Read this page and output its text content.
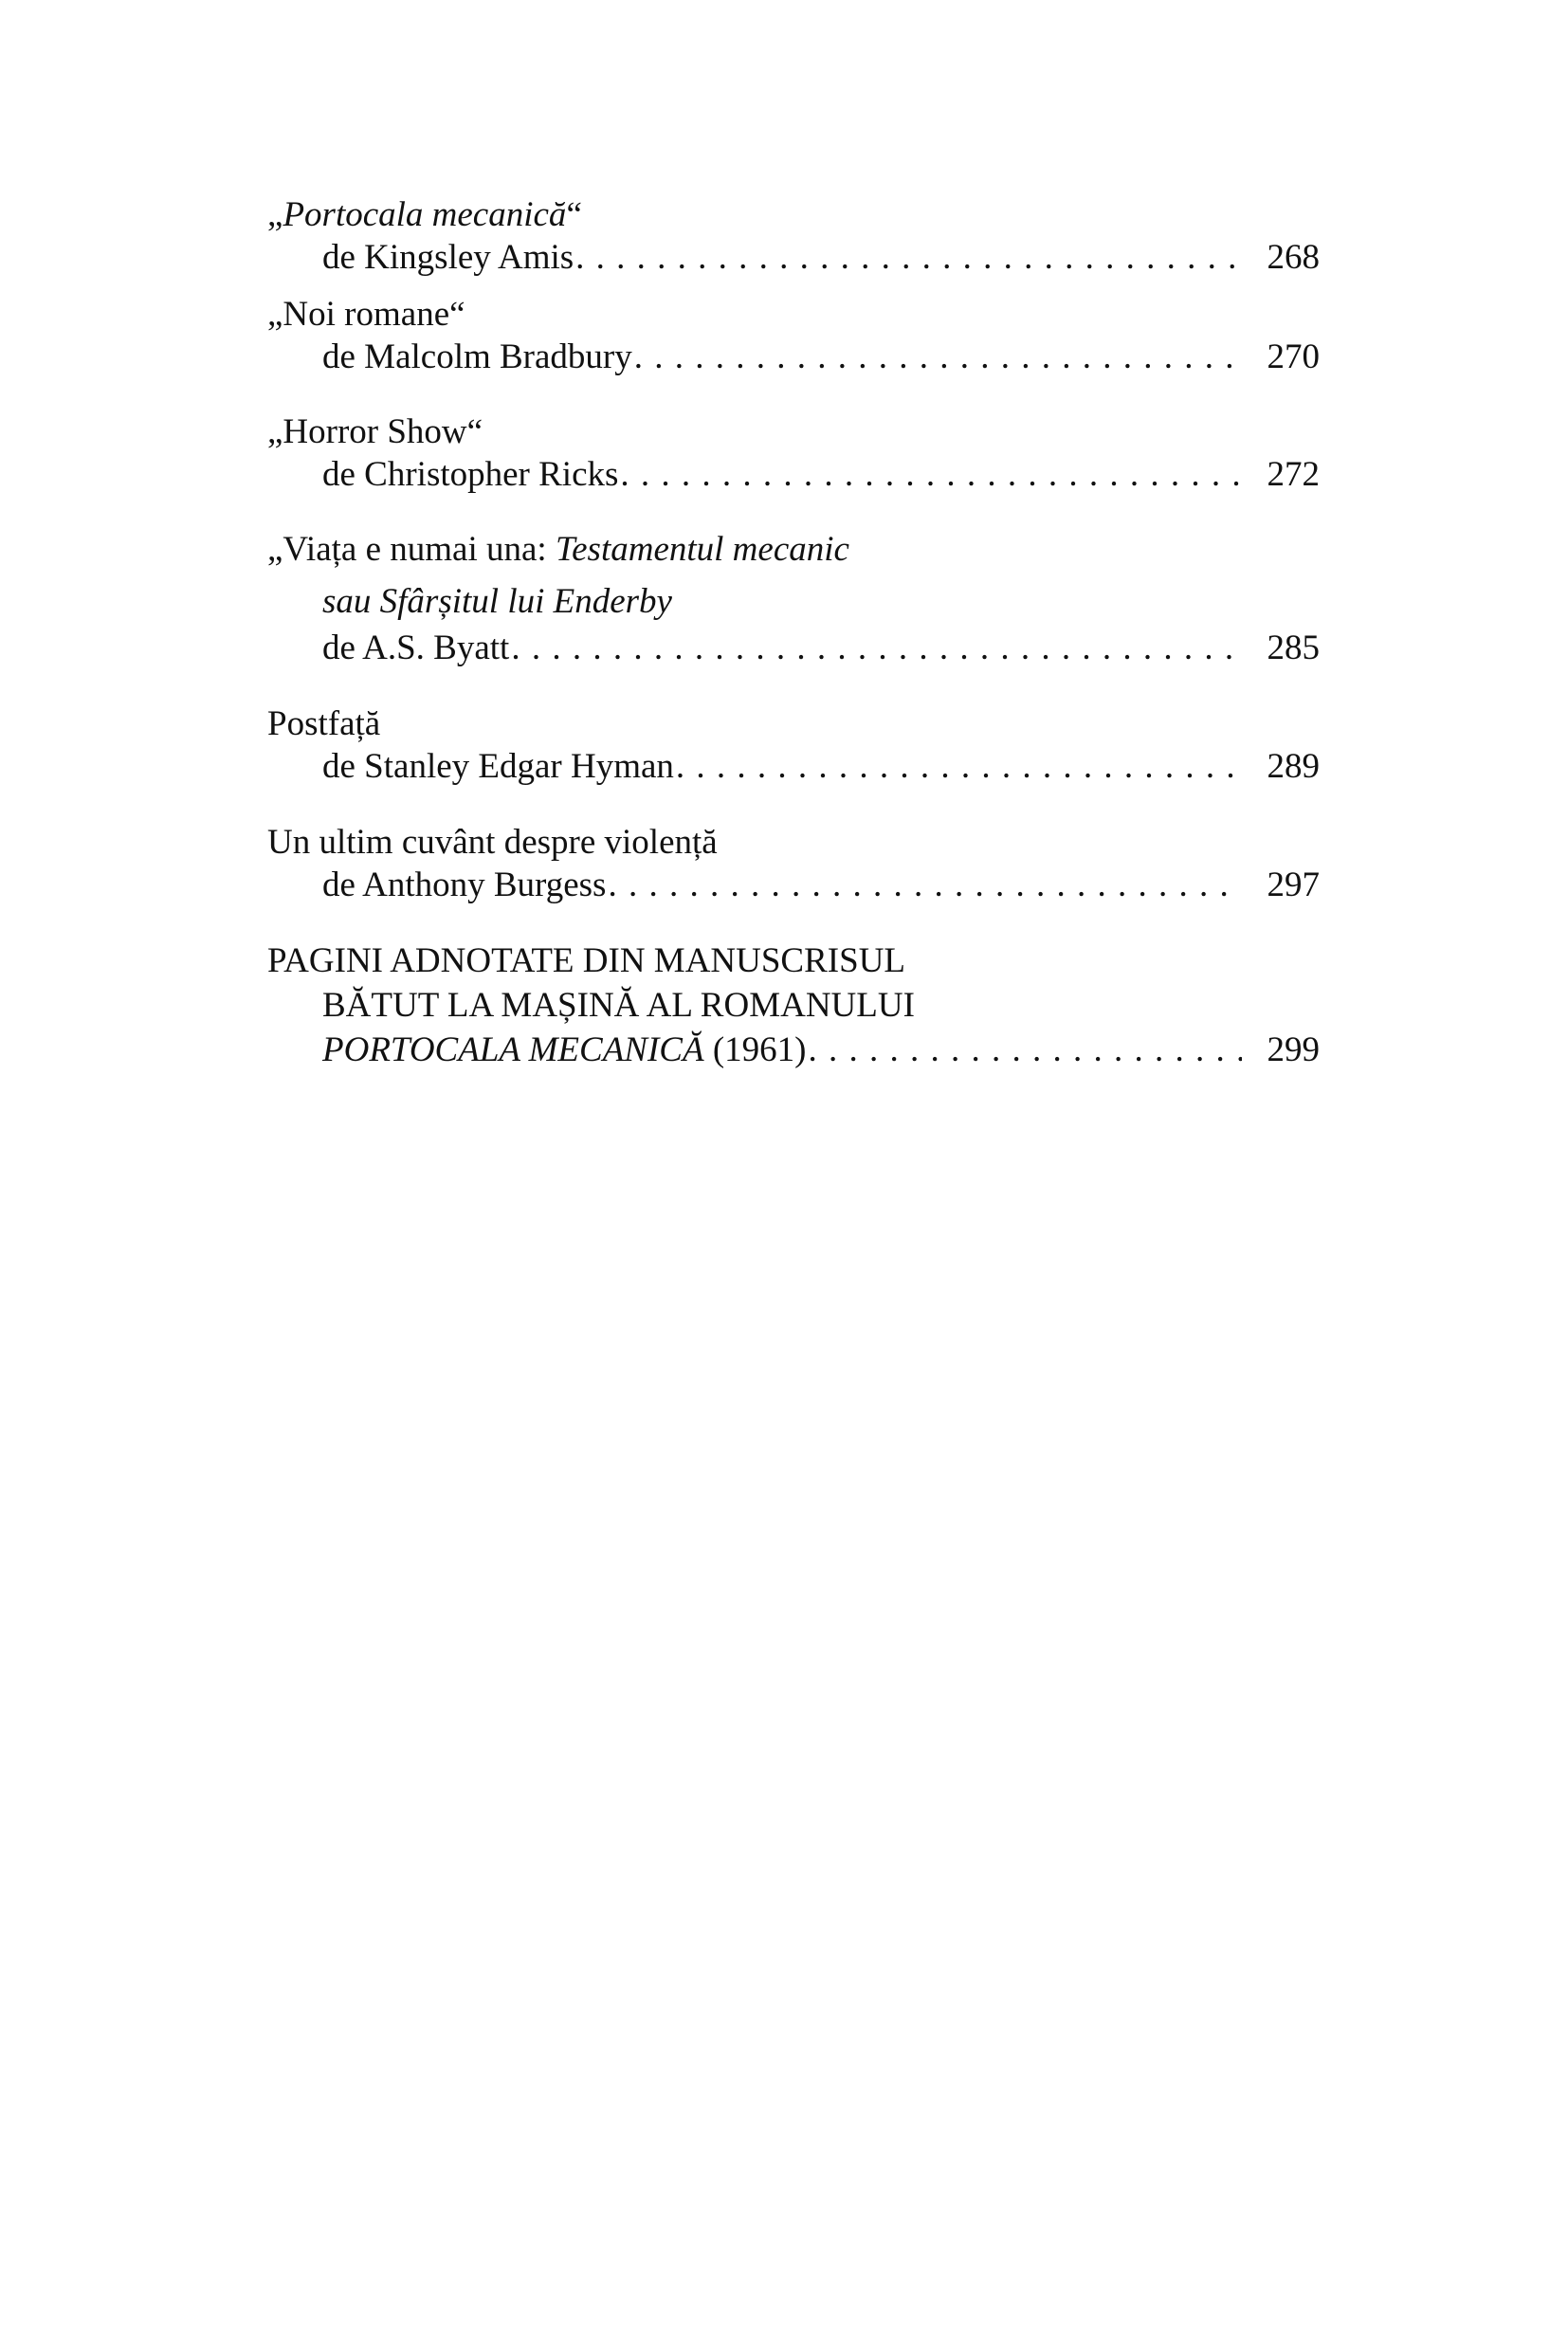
„Portocala mecanică“
de Kingsley Amis . . .	268
„Noi romane“
de Malcolm Bradbury . . .	270
„Horror Show“
de Christopher Ricks . . .	272
„Viața e numai una: Testamentul mecanic
sau Sfârșitul lui Enderby
de A.S. Byatt . . .	285
Postfață
de Stanley Edgar Hyman . . .	289
Un ultim cuvânt despre violență
de Anthony Burgess . . .	297
PAGINI ADNOTATE DIN MANUSCRISUL
BĂTUT LA MAȘINĂ AL ROMANULUI
PORTOCALA MECANICĂ (1961) . . .	299
